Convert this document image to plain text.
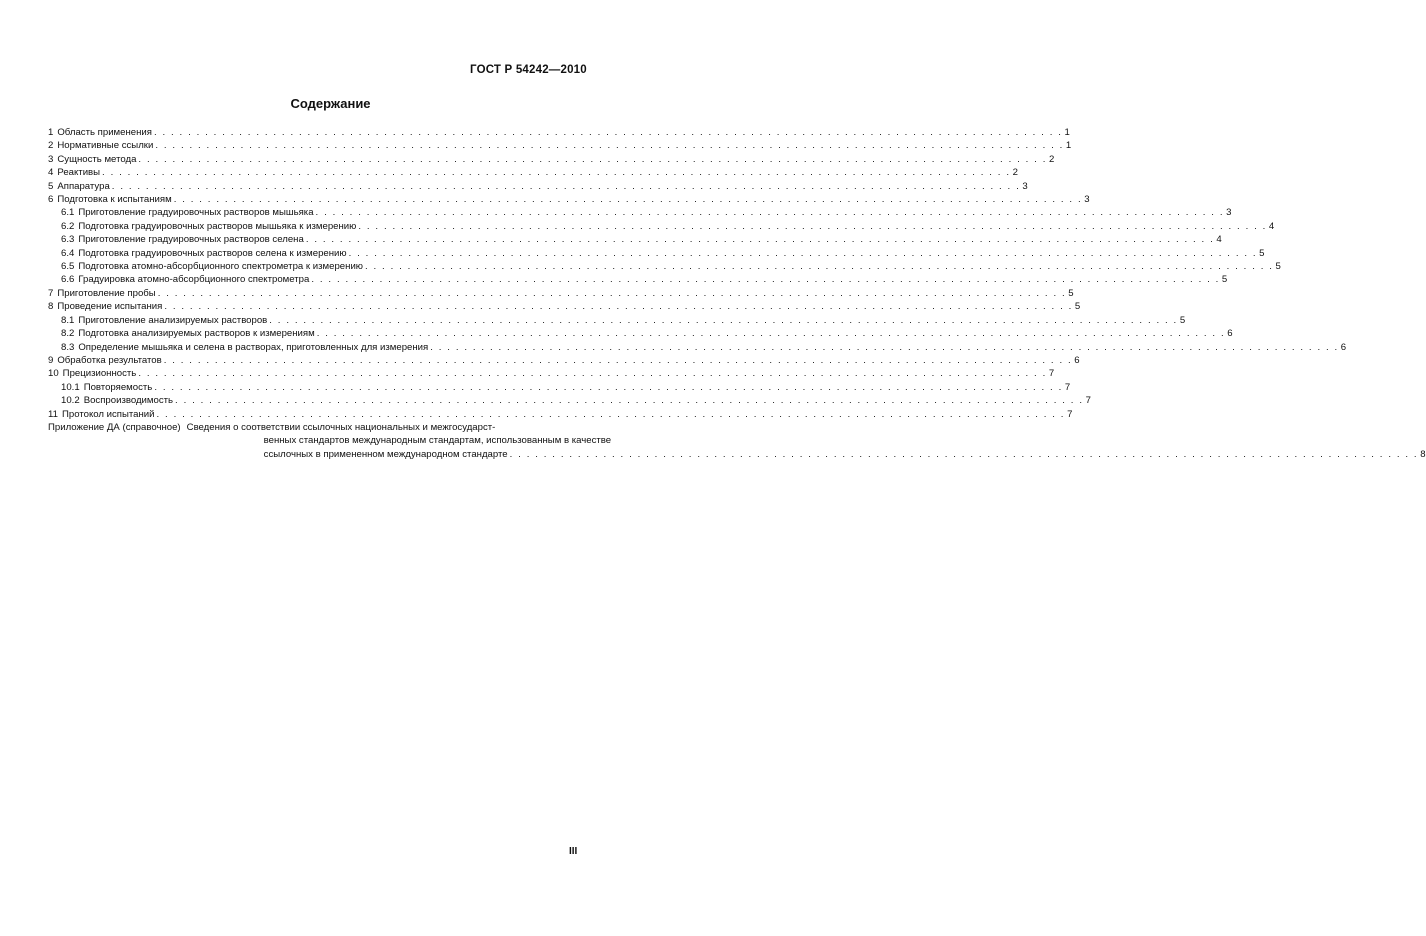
ГОСТ Р 54242—2010
Содержание
1 Область применения . . .	1
2 Нормативные ссылки . . .	1
3 Сущность метода . . .	2
4 Реактивы . . .	2
5 Аппаратура . . .	3
6 Подготовка к испытаниям . . .	3
6.1 Приготовление градуировочных растворов мышьяка . . .	3
6.2 Подготовка градуировочных растворов мышьяка к измерению . . .	4
6.3 Приготовление градуировочных растворов селена . . .	4
6.4 Подготовка градуировочных растворов селена к измерению . . .	5
6.5 Подготовка атомно-абсорбционного спектрометра к измерению . . .	5
6.6 Градуировка атомно-абсорбционного спектрометра . . .	5
7 Приготовление пробы . . .	5
8 Проведение испытания . . .	5
8.1 Приготовление анализируемых растворов . . .	5
8.2 Подготовка анализируемых растворов к измерениям . . .	6
8.3 Определение мышьяка и селена в растворах, приготовленных для измерения . . .	6
9 Обработка результатов . . .	6
10 Прецизионность . . .	7
10.1 Повторяемость . . .	7
10.2 Воспроизводимость . . .	7
11 Протокол испытаний . . .	7
Приложение ДА (справочное) Сведения о соответствии ссылочных национальных и межгосударст-
венных стандартов международным стандартам, использованным в качестве
ссылочных в примененном международном стандарте . . .	8
III
